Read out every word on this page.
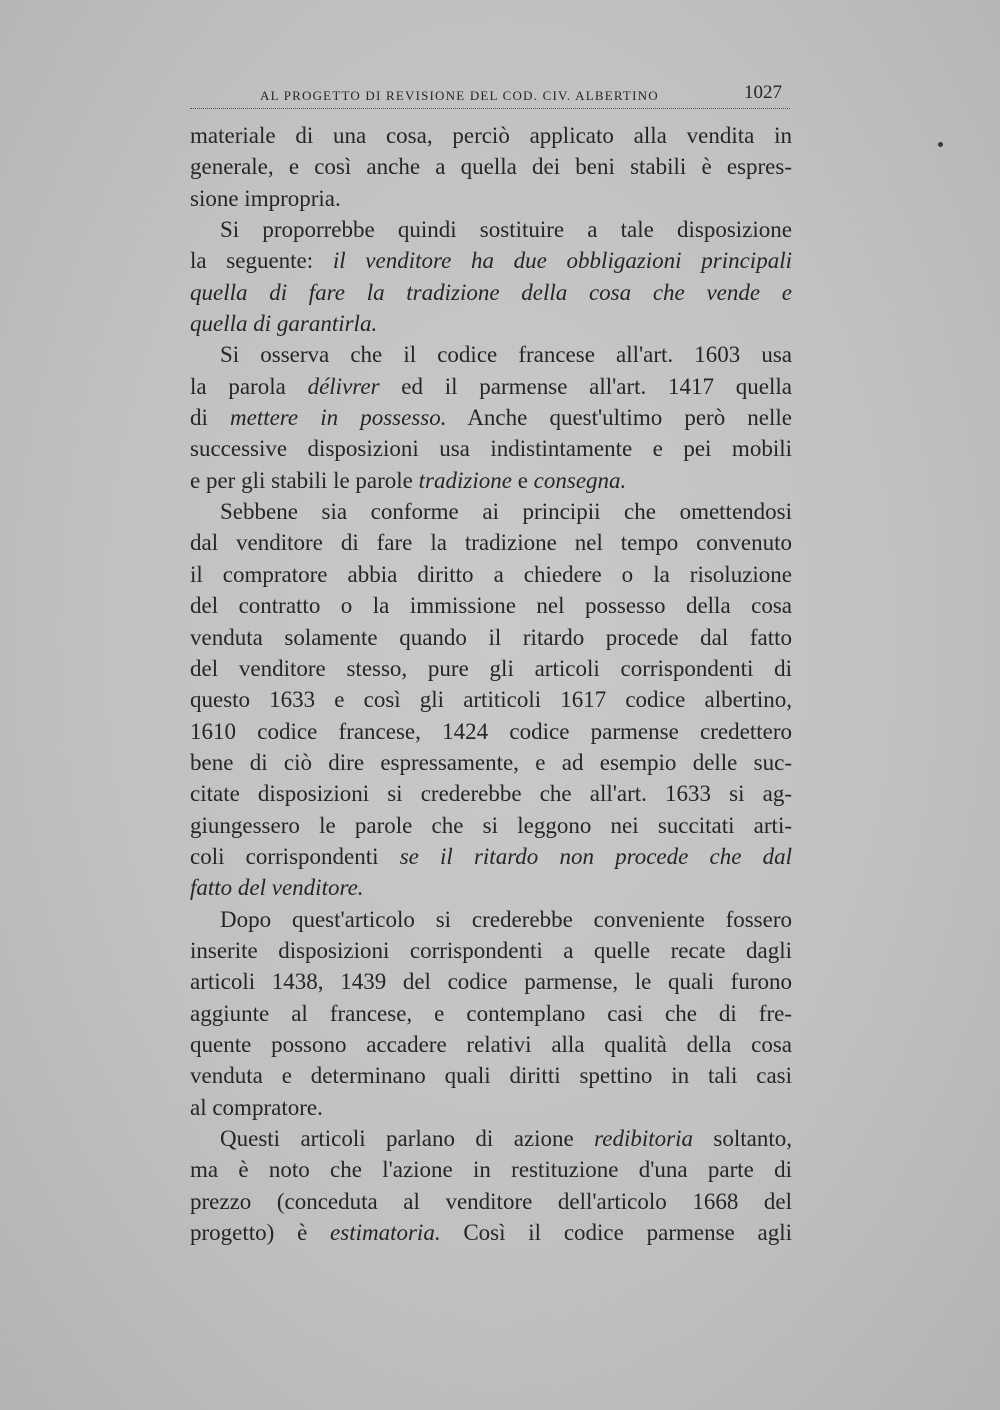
AL PROGETTO DI REVISIONE DEL COD. CIV. ALBERTINO	1027
materiale di una cosa, perciò applicato alla vendita in
generale, e così anche a quella dei beni stabili è espres-
sione impropria.
Si proporrebbe quindi sostituire a tale disposizione
la seguente: il venditore ha due obbligazioni principali
quella di fare la tradizione della cosa che vende e
quella di garantirla.
Si osserva che il codice francese all'art. 1603 usa
la parola délivrer ed il parmense all'art. 1417 quella
di mettere in possesso. Anche quest'ultimo però nelle
successive disposizioni usa indistintamente e pei mobili
e per gli stabili le parole tradizione e consegna.
Sebbene sia conforme ai principii che omettendosi
dal venditore di fare la tradizione nel tempo convenuto
il compratore abbia diritto a chiedere o la risoluzione
del contratto o la immissione nel possesso della cosa
venduta solamente quando il ritardo procede dal fatto
del venditore stesso, pure gli articoli corrispondenti di
questo 1633 e così gli artiticoli 1617 codice albertino,
1610 codice francese, 1424 codice parmense credettero
bene di ciò dire espressamente, e ad esempio delle suc-
citate disposizioni si crederebbe che all'art. 1633 si ag-
giungessero le parole che si leggono nei succitati arti-
coli corrispondenti se il ritardo non procede che dal
fatto del venditore.
Dopo quest'articolo si crederebbe conveniente fossero
inserite disposizioni corrispondenti a quelle recate dagli
articoli 1438, 1439 del codice parmense, le quali furono
aggiunte al francese, e contemplano casi che di fre-
quente possono accadere relativi alla qualità della cosa
venduta e determinano quali diritti spettino in tali casi
al compratore.
Questi articoli parlano di azione redibitoria soltanto,
ma è noto che l'azione in restituzione d'una parte di
prezzo (conceduta al venditore dell'articolo 1668 del
progetto) è estimatoria. Così il codice parmense agli
